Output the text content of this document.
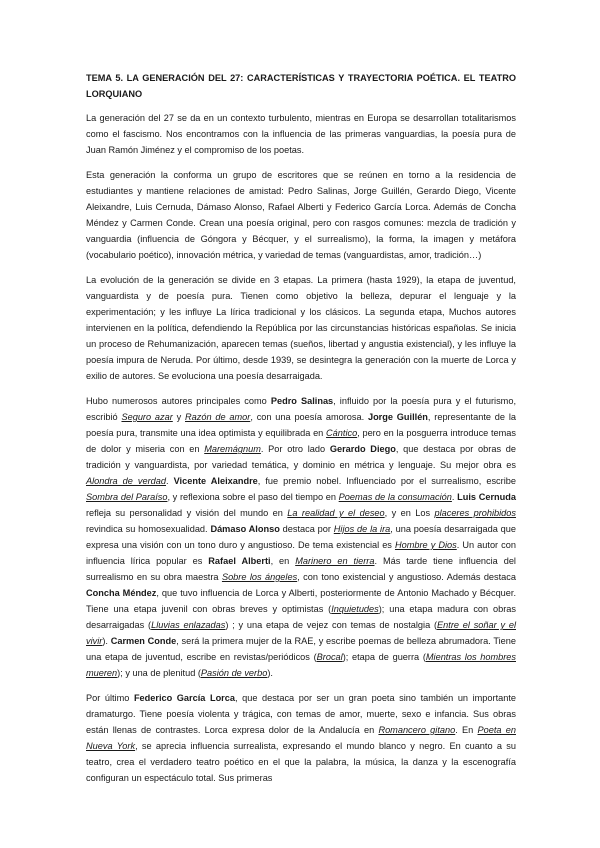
TEMA 5. LA GENERACIÓN DEL 27: CARACTERÍSTICAS Y TRAYECTORIA POÉTICA. EL TEATRO LORQUIANO

La generación del 27 se da en un contexto turbulento, mientras en Europa se desarrollan totalitarismos como el fascismo. Nos encontramos con la influencia de las primeras vanguardias, la poesía pura de Juan Ramón Jiménez y el compromiso de los poetas.

Esta generación la conforma un grupo de escritores que se reúnen en torno a la residencia de estudiantes y mantiene relaciones de amistad: Pedro Salinas, Jorge Guillén, Gerardo Diego, Vicente Aleixandre, Luis Cernuda, Dámaso Alonso, Rafael Alberti y Federico García Lorca. Además de Concha Méndez y Carmen Conde. Crean una poesía original, pero con rasgos comunes: mezcla de tradición y vanguardia (influencia de Góngora y Bécquer, y el surrealismo), la forma, la imagen y metáfora (vocabulario poético), innovación métrica, y variedad de temas (vanguardistas, amor, tradición…)

La evolución de la generación se divide en 3 etapas. La primera (hasta 1929), la etapa de juventud, vanguardista y de poesía pura. Tienen como objetivo la belleza, depurar el lenguaje y la experimentación; y les influye La lírica tradicional y los clásicos. La segunda etapa, Muchos autores intervienen en la política, defendiendo la República por las circunstancias históricas españolas. Se inicia un proceso de Rehumanización, aparecen temas (sueños, libertad y angustia existencial), y les influye la poesía impura de Neruda. Por último, desde 1939, se desintegra la generación con la muerte de Lorca y exilio de autores. Se evoluciona una poesía desarraigada.

Hubo numerosos autores principales como Pedro Salinas, influido por la poesía pura y el futurismo, escribió Seguro azar y Razón de amor, con una poesía amorosa. Jorge Guillén, representante de la poesía pura, transmite una idea optimista y equilibrada en Cántico, pero en la posguerra introduce temas de dolor y miseria con en Maremágnum. Por otro lado Gerardo Diego, que destaca por obras de tradición y vanguardista, por variedad temática, y dominio en métrica y lenguaje. Su mejor obra es Alondra de verdad. Vicente Aleixandre, fue premio nobel. Influenciado por el surrealismo, escribe Sombra del Paraíso, y reflexiona sobre el paso del tiempo en Poemas de la consumación. Luis Cernuda refleja su personalidad y visión del mundo en La realidad y el deseo, y en Los placeres prohibidos revindica su homosexualidad. Dámaso Alonso destaca por Hijos de la ira, una poesía desarraigada que expresa una visión con un tono duro y angustioso. De tema existencial es Hombre y Dios. Un autor con influencia lírica popular es Rafael Alberti, en Marinero en tierra. Más tarde tiene influencia del surrealismo en su obra maestra Sobre los ángeles, con tono existencial y angustioso. Además destaca Concha Méndez, que tuvo influencia de Lorca y Alberti, posteriormente de Antonio Machado y Bécquer. Tiene una etapa juvenil con obras breves y optimistas (Inquietudes); una etapa madura con obras desarraigadas (Lluvias enlazadas) ; y una etapa de vejez con temas de nostalgia (Entre el soñar y el vivir). Carmen Conde, será la primera mujer de la RAE, y escribe poemas de belleza abrumadora. Tiene una etapa de juventud, escribe en revistas/periódicos (Brocal); etapa de guerra (Mientras los hombres mueren); y una de plenitud (Pasión de verbo).

Por último Federico García Lorca, que destaca por ser un gran poeta sino también un importante dramaturgo. Tiene poesía violenta y trágica, con temas de amor, muerte, sexo e infancia. Sus obras están llenas de contrastes. Lorca expresa dolor de la Andalucía en Romancero gitano. En Poeta en Nueva York, se aprecia influencia surrealista, expresando el mundo blanco y negro. En cuanto a su teatro, crea el verdadero teatro poético en el que la palabra, la música, la danza y la escenografía configuran un espectáculo total. Sus primeras
